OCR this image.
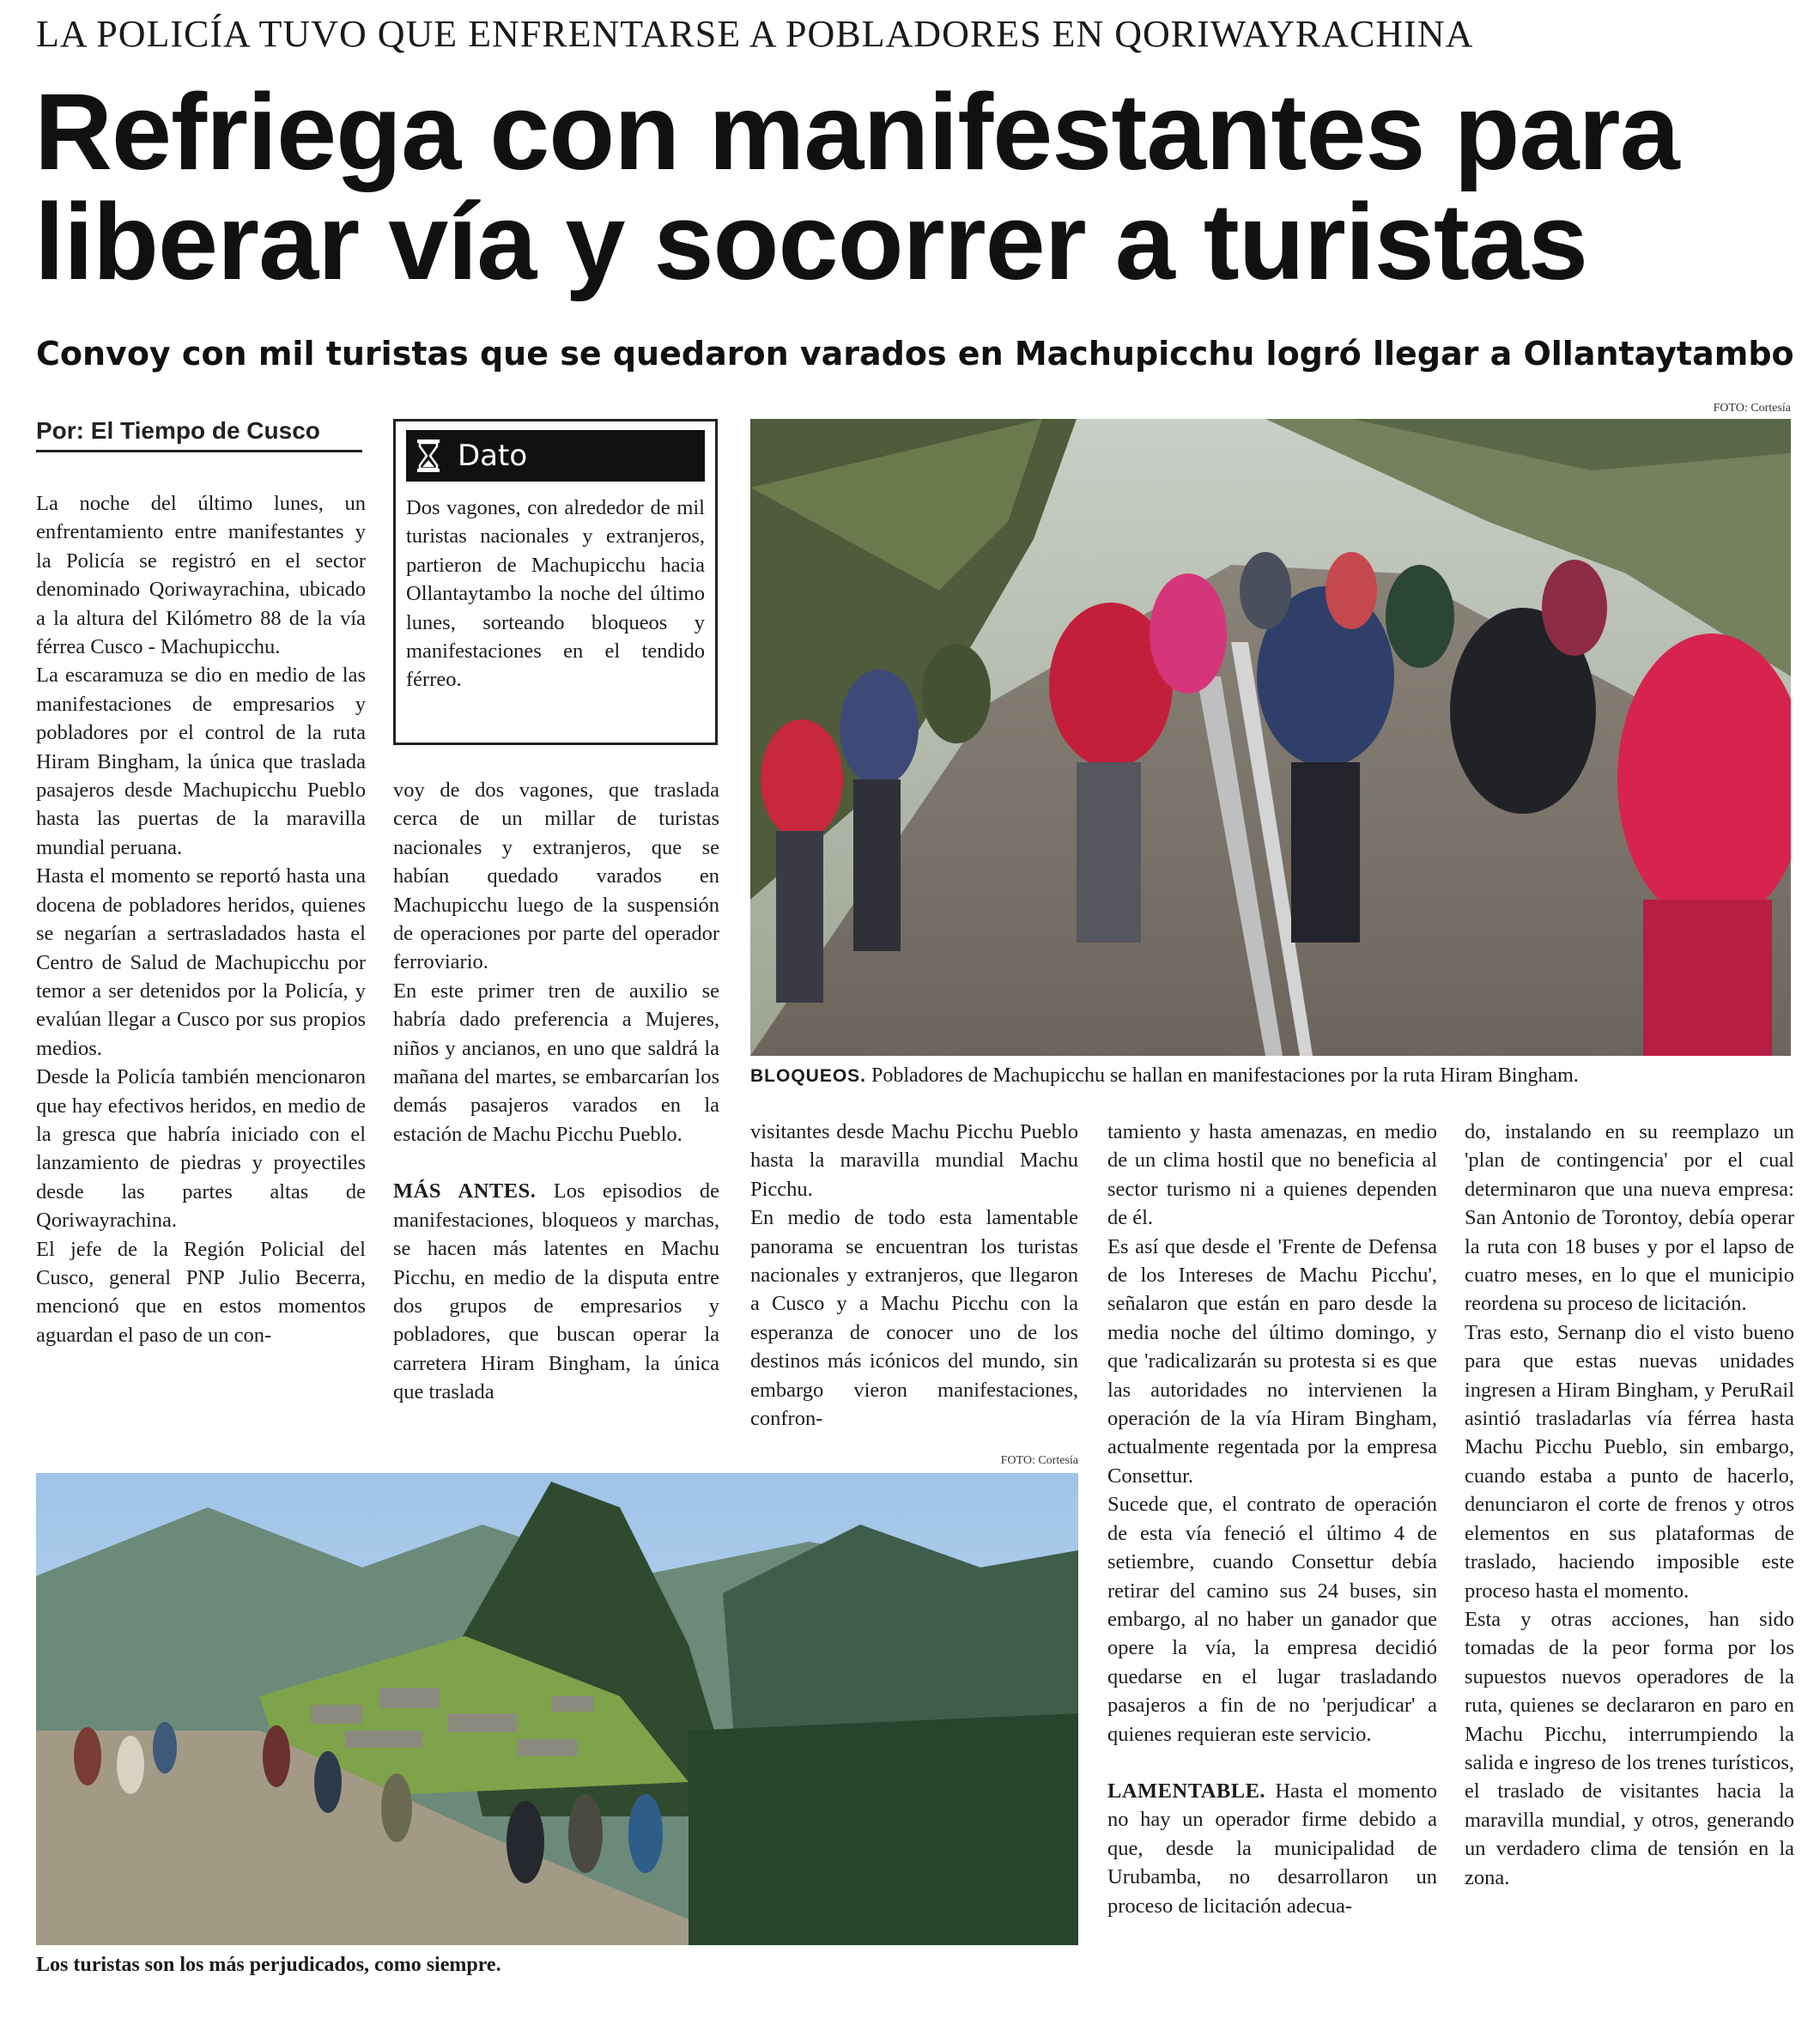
LA POLICÍA TUVO QUE ENFRENTARSE A POBLADORES EN QORIWAYRACHINA
Refriega con manifestantes para
liberar vía y socorrer a turistas
Convoy con mil turistas que se quedaron varados en Machupicchu logró llegar a Ollantaytambo
Por: El Tiempo de Cusco

La noche del último lunes, un enfrentamiento entre manifestantes y la Policía se registró en el sector denominado Qoriwayrachina, ubicado a la altura del Kilómetro 88 de la vía férrea Cusco - Machupicchu.

La escaramuza se dio en medio de las manifestaciones de empresarios y pobladores por el control de la ruta Hiram Bingham, la única que traslada pasajeros desde Machupicchu Pueblo hasta las puertas de la maravilla mundial peruana.

Hasta el momento se reportó hasta una docena de pobladores heridos, quienes se negarían a sertrasladados hasta el Centro de Salud de Machupicchu por temor a ser detenidos por la Policía, y evalúan llegar a Cusco por sus propios medios.

Desde la Policía también mencionaron que hay efectivos heridos, en medio de la gresca que habría iniciado con el lanzamiento de piedras y proyectiles desde las partes altas de Qoriwayrachina.

El jefe de la Región Policial del Cusco, general PNP Julio Becerra, mencionó que en estos momentos aguardan el paso de un con-

Dato
Dos vagones, con alrededor de mil turistas nacionales y extranjeros, partieron de Machupicchu hacia Ollantaytambo la noche del último lunes, sorteando bloqueos y manifestaciones en el tendido férreo.

voy de dos vagones, que traslada cerca de un millar de turistas nacionales y extranjeros, que se habían quedado varados en Machupicchu luego de la suspensión de operaciones por parte del operador ferroviario.

En este primer tren de auxilio se habría dado preferencia a Mujeres, niños y ancianos, en uno que saldrá la mañana del martes, se embarcarían los demás pasajeros varados en la estación de Machu Picchu Pueblo.

MÁS ANTES. Los episodios de manifestaciones, bloqueos y marchas, se hacen más latentes en Machu Picchu, en medio de la disputa entre dos grupos de empresarios y pobladores, que buscan operar la carretera Hiram Bingham, la única que traslada

FOTO: Cortesía
BLOQUEOS. Pobladores de Machupicchu se hallan en manifestaciones por la ruta Hiram Bingham.

visitantes desde Machu Picchu Pueblo hasta la maravilla mundial Machu Picchu.

En medio de todo esta lamentable panorama se encuentran los turistas nacionales y extranjeros, que llegaron a Cusco y a Machu Picchu con la esperanza de conocer uno de los destinos más icónicos del mundo, sin embargo vieron manifestaciones, confron-

tamiento y hasta amenazas, en medio de un clima hostil que no beneficia al sector turismo ni a quienes dependen de él.

Es así que desde el 'Frente de Defensa de los Intereses de Machu Picchu', señalaron que están en paro desde la media noche del último domingo, y que 'radicalizarán su protesta si es que las autoridades no intervienen la operación de la vía Hiram Bingham, actualmente regentada por la empresa Consettur.

Sucede que, el contrato de operación de esta vía feneció el último 4 de setiembre, cuando Consettur debía retirar del camino sus 24 buses, sin embargo, al no haber un ganador que opere la vía, la empresa decidió quedarse en el lugar trasladando pasajeros a fin de no 'perjudicar' a quienes requieran este servicio.

LAMENTABLE. Hasta el momento no hay un operador firme debido a que, desde la municipalidad de Urubamba, no desarrollaron un proceso de licitación adecua-

do, instalando en su reemplazo un 'plan de contingencia' por el cual determinaron que una nueva empresa: San Antonio de Torontoy, debía operar la ruta con 18 buses y por el lapso de cuatro meses, en lo que el municipio reordena su proceso de licitación.

Tras esto, Sernanp dio el visto bueno para que estas nuevas unidades ingresen a Hiram Bingham, y PeruRail asintió trasladarlas vía férrea hasta Machu Picchu Pueblo, sin embargo, cuando estaba a punto de hacerlo, denunciaron el corte de frenos y otros elementos en sus plataformas de traslado, haciendo imposible este proceso hasta el momento.

Esta y otras acciones, han sido tomadas de la peor forma por los supuestos nuevos operadores de la ruta, quienes se declararon en paro en Machu Picchu, interrumpiendo la salida e ingreso de los trenes turísticos, el traslado de visitantes hacia la maravilla mundial, y otros, generando un verdadero clima de tensión en la zona.

FOTO: Cortesía
Los turistas son los más perjudicados, como siempre.
